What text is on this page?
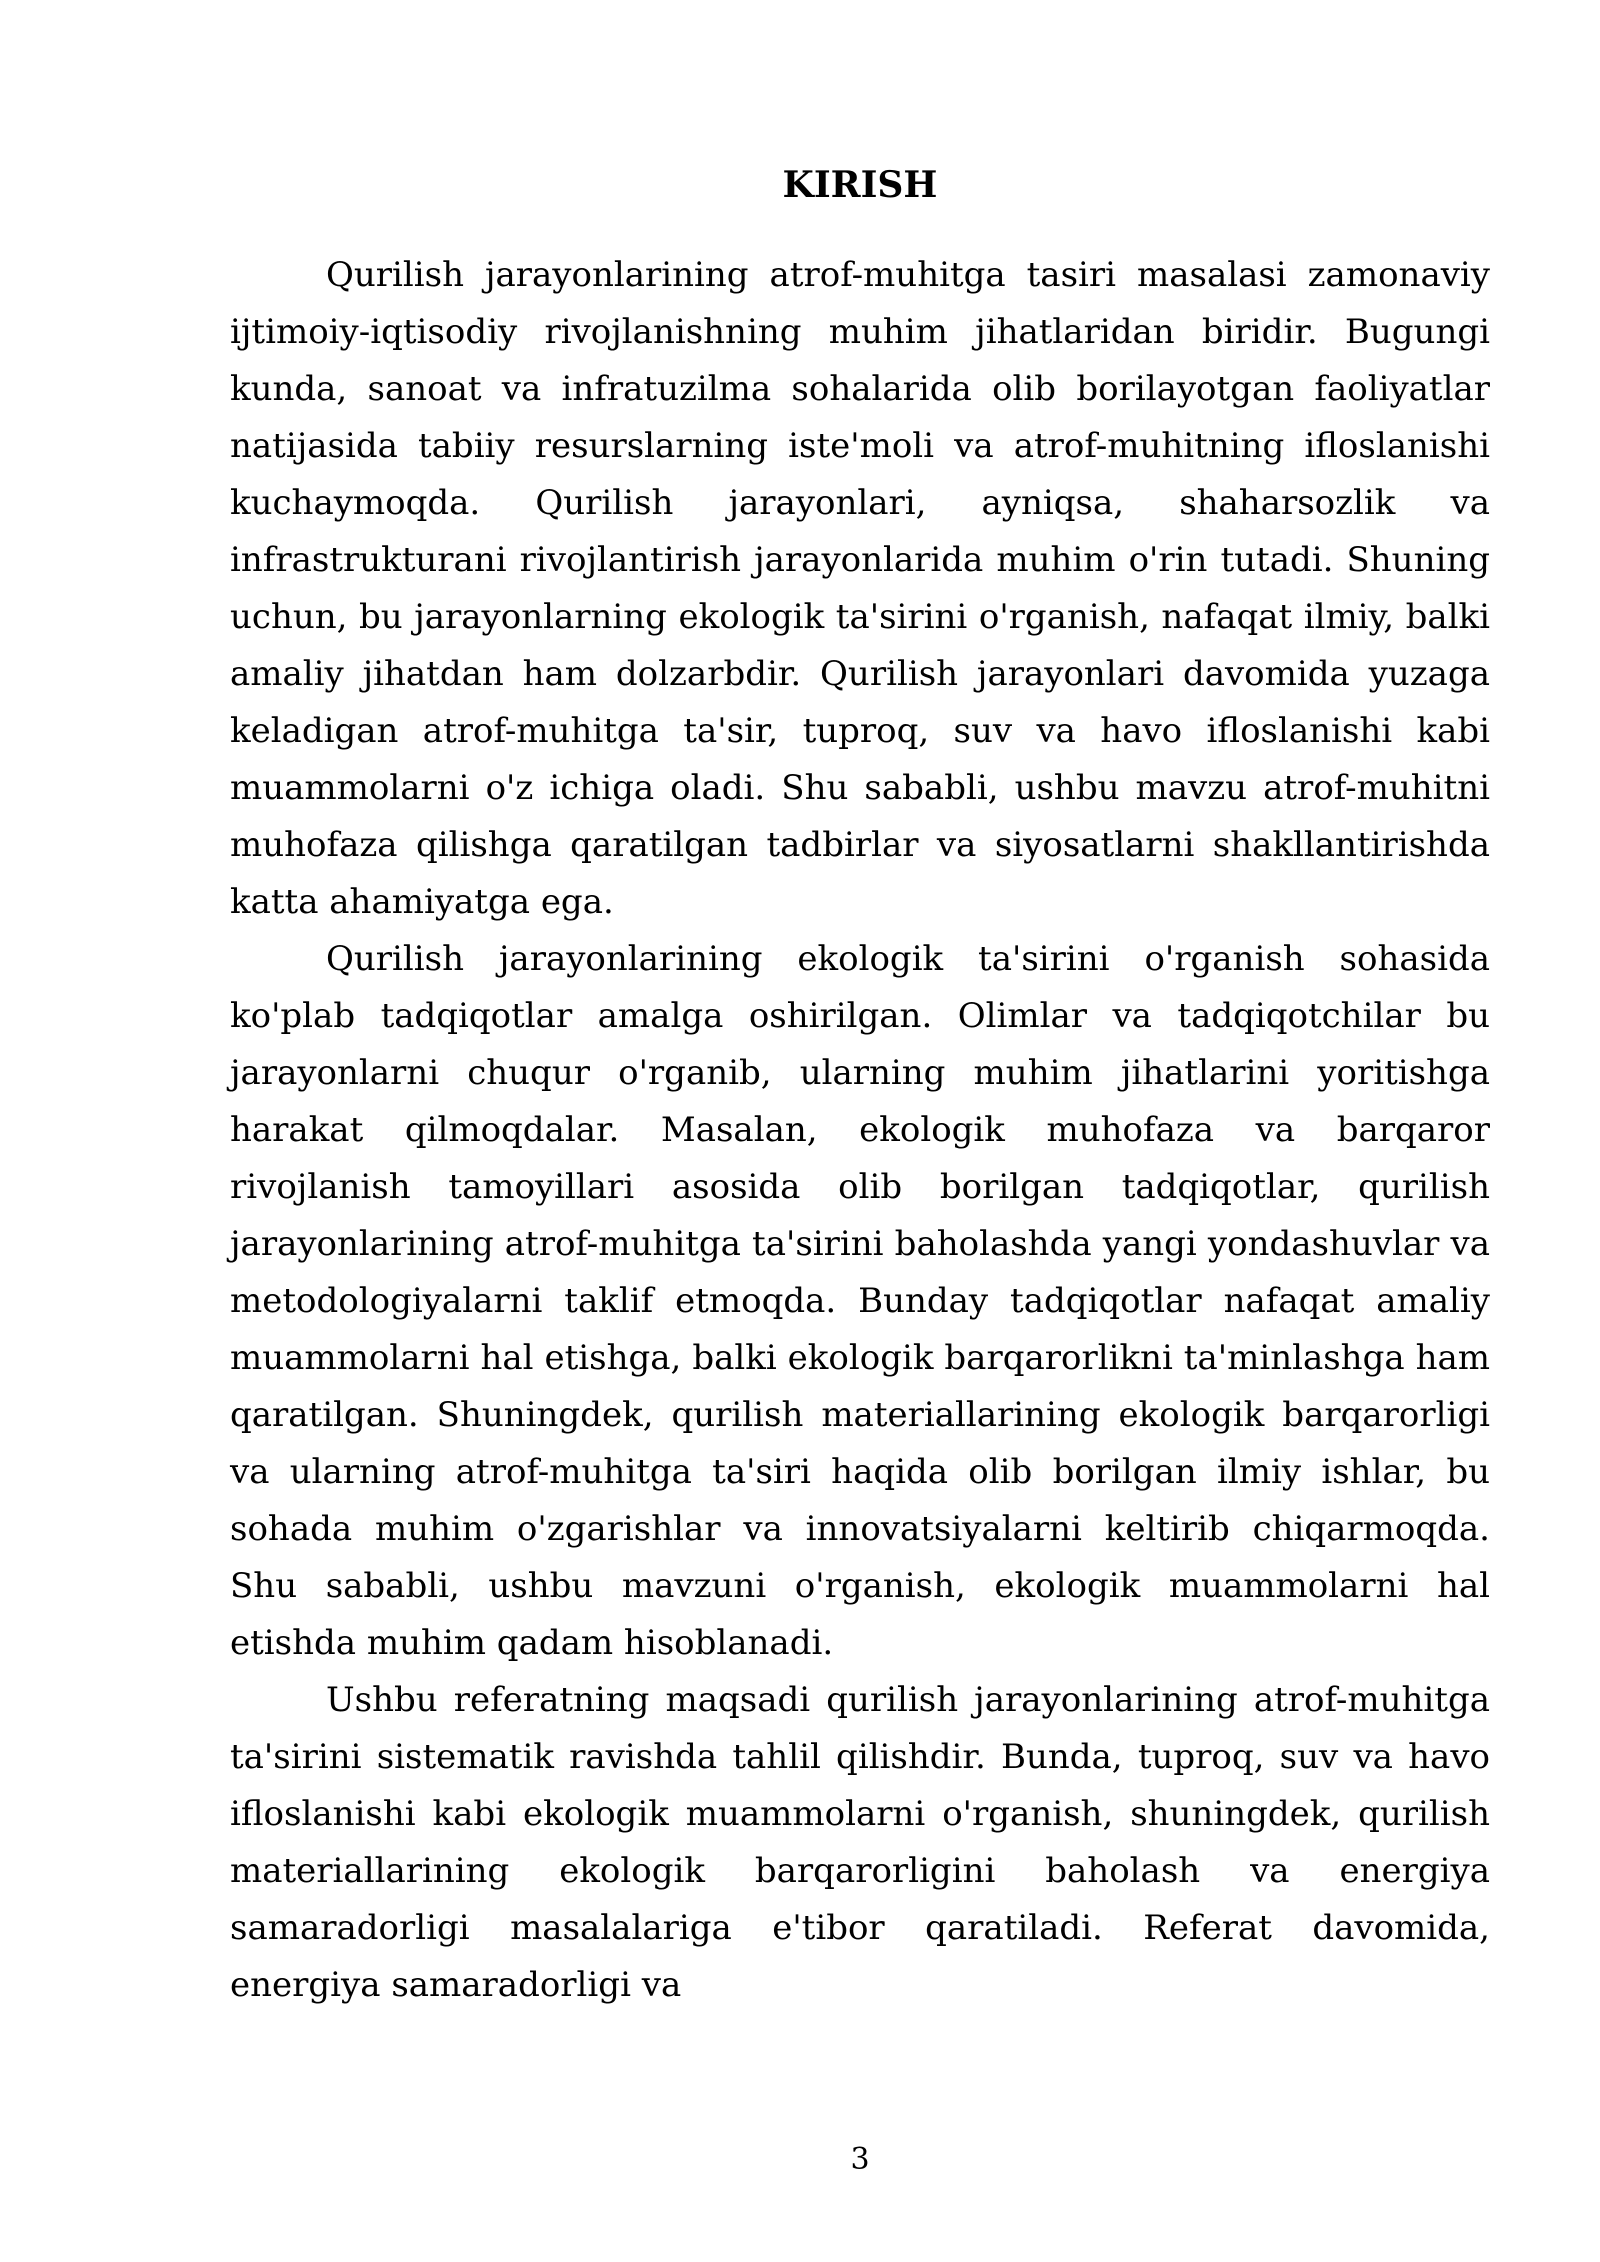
KIRISH

Qurilish jarayonlarining atrof-muhitga tasiri masalasi zamonaviy ijtimoiy-iqtisodiy rivojlanishning muhim jihatlaridan biridir. Bugungi kunda, sanoat va infratuzilma sohalarida olib borilayotgan faoliyatlar natijasida tabiiy resurslarning iste'moli va atrof-muhitning ifloslanishi kuchaymoqda. Qurilish jarayonlari, ayniqsa, shaharsozlik va infrastrukturani rivojlantirish jarayonlarida muhim o'rin tutadi. Shuning uchun, bu jarayonlarning ekologik ta'sirini o'rganish, nafaqat ilmiy, balki amaliy jihatdan ham dolzarbdir. Qurilish jarayonlari davomida yuzaga keladigan atrof-muhitga ta'sir, tuproq, suv va havo ifloslanishi kabi muammolarni o'z ichiga oladi. Shu sababli, ushbu mavzu atrof-muhitni muhofaza qilishga qaratilgan tadbirlar va siyosatlarni shakllantirishda katta ahamiyatga ega.

Qurilish jarayonlarining ekologik ta'sirini o'rganish sohasida ko'plab tadqiqotlar amalga oshirilgan. Olimlar va tadqiqotchilar bu jarayonlarni chuqur o'rganib, ularning muhim jihatlarini yoritishga harakat qilmoqdalar. Masalan, ekologik muhofaza va barqaror rivojlanish tamoyillari asosida olib borilgan tadqiqotlar, qurilish jarayonlarining atrof-muhitga ta'sirini baholashda yangi yondashuvlar va metodologiyalarni taklif etmoqda. Bunday tadqiqotlar nafaqat amaliy muammolarni hal etishga, balki ekologik barqarorlikni ta'minlashga ham qaratilgan. Shuningdek, qurilish materiallarining ekologik barqarorligi va ularning atrof-muhitga ta'siri haqida olib borilgan ilmiy ishlar, bu sohada muhim o'zgarishlar va innovatsiyalarni keltirib chiqarmoqda. Shu sababli, ushbu mavzuni o'rganish, ekologik muammolarni hal etishda muhim qadam hisoblanadi.

Ushbu referatning maqsadi qurilish jarayonlarining atrof-muhitga ta'sirini sistematik ravishda tahlil qilishdir. Bunda, tuproq, suv va havo ifloslanishi kabi ekologik muammolarni o'rganish, shuningdek, qurilish materiallarining ekologik barqarorligini baholash va energiya samaradorligi masalalariga e'tibor qaratiladi. Referat davomida, energiya samaradorligi va

3
